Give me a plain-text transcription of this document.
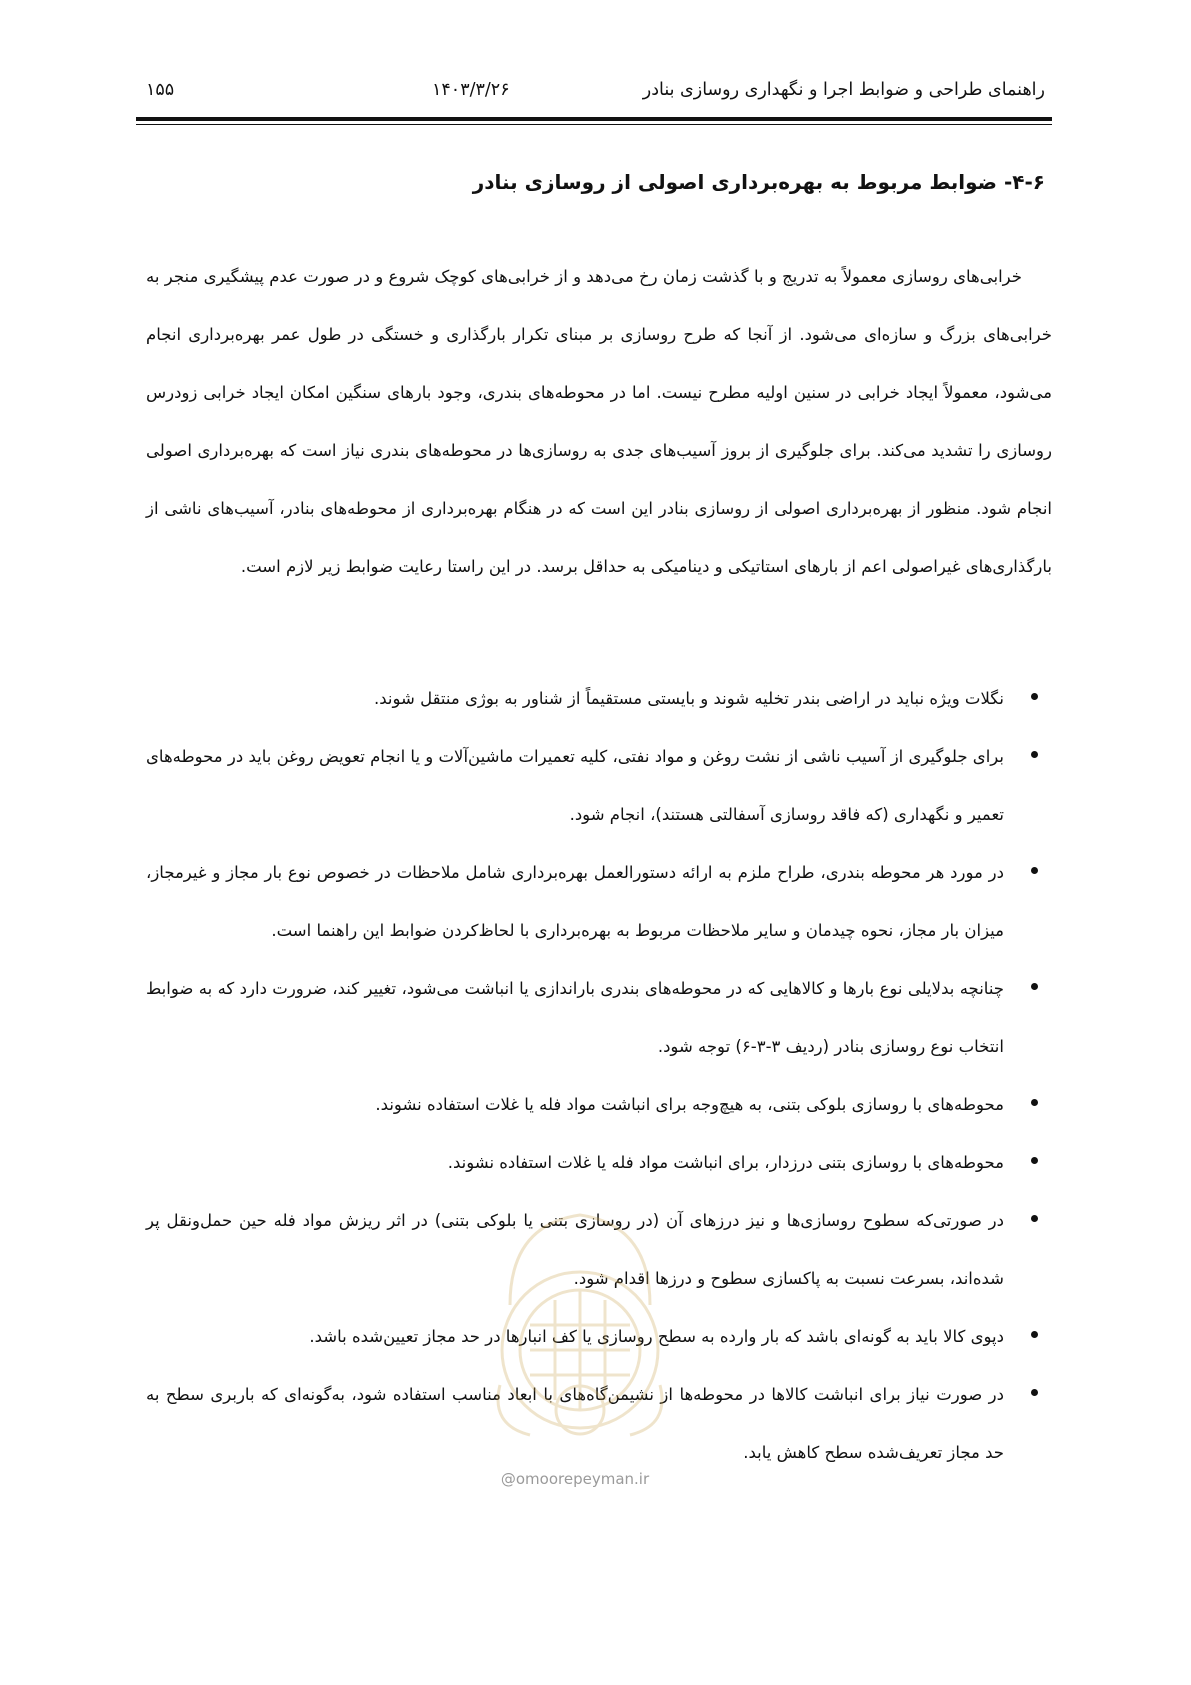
راهنمای طراحی و ضوابط اجرا و نگهداری روسازی بنادر
۱۴۰۳/۳/۲۶
۱۵۵
۴-۶- ضوابط مربوط به بهره‌برداری اصولی از روسازی بنادر

خرابی‌های روسازی معمولاً به تدریج و با گذشت زمان رخ می‌دهد و از خرابی‌های کوچک شروع و در صورت عدم پیشگیری منجر به خرابی‌های بزرگ و سازه‌ای می‌شود. از آنجا که طرح روسازی بر مبنای تکرار بارگذاری و خستگی در طول عمر بهره‌برداری انجام می‌شود، معمولاً ایجاد خرابی در سنین اولیه مطرح نیست. اما در محوطه‌های بندری، وجود بارهای سنگین امکان ایجاد خرابی زودرس روسازی را تشدید می‌کند. برای جلوگیری از بروز آسیب‌های جدی به روسازی‌ها در محوطه‌های بندری نیاز است که بهره‌برداری اصولی انجام شود. منظور از بهره‌برداری اصولی از روسازی بنادر این است که در هنگام بهره‌برداری از محوطه‌های بنادر، آسیب‌های ناشی از بارگذاری‌های غیراصولی اعم از بارهای استاتیکی و دینامیکی به حداقل برسد. در این راستا رعایت ضوابط زیر لازم است.

نگلات ویژه نباید در اراضی بندر تخلیه شوند و بایستی مستقیماً از شناور به بوژی منتقل شوند.
برای جلوگیری از آسیب ناشی از نشت روغن و مواد نفتی، کلیه تعمیرات ماشین‌آلات و یا انجام تعویض روغن باید در محوطه‌های تعمیر و نگهداری (که فاقد روسازی آسفالتی هستند)، انجام شود.
در مورد هر محوطه بندری، طراح ملزم به ارائه دستورالعمل بهره‌برداری شامل ملاحظات در خصوص نوع بار مجاز و غیرمجاز، میزان بار مجاز، نحوه چیدمان و سایر ملاحظات مربوط به بهره‌برداری با لحاظ‌کردن ضوابط این راهنما است.
چنانچه بدلایلی نوع بارها و کالاهایی که در محوطه‌های بندری باراندازی یا انباشت می‌شود، تغییر کند، ضرورت دارد که به ضوابط انتخاب نوع روسازی بنادر (ردیف ۳-۳-۶) توجه شود.
محوطه‌های با روسازی بلوکی بتنی، به هیچ‌وجه برای انباشت مواد فله یا غلات استفاده نشوند.
محوطه‌های با روسازی بتنی درزدار، برای انباشت مواد فله یا غلات استفاده نشوند.
در صورتی‌که سطوح روسازی‌ها و نیز درزهای آن (در روسازی بتنی یا بلوکی بتنی) در اثر ریزش مواد فله حین حمل‌ونقل پر شده‌اند، بسرعت نسبت به پاکسازی سطوح و درزها اقدام شود.
دپوی کالا باید به گونه‌ای باشد که بار وارده به سطح روسازی یا کف انبارها در حد مجاز تعیین‌شده باشد.
در صورت نیاز برای انباشت کالاها در محوطه‌ها از نشیمن‌گاه‌های با ابعاد مناسب استفاده شود، به‌گونه‌ای که باربری سطح به حد مجاز تعریف‌شده سطح کاهش یابد.
@omoorepeyman.ir
